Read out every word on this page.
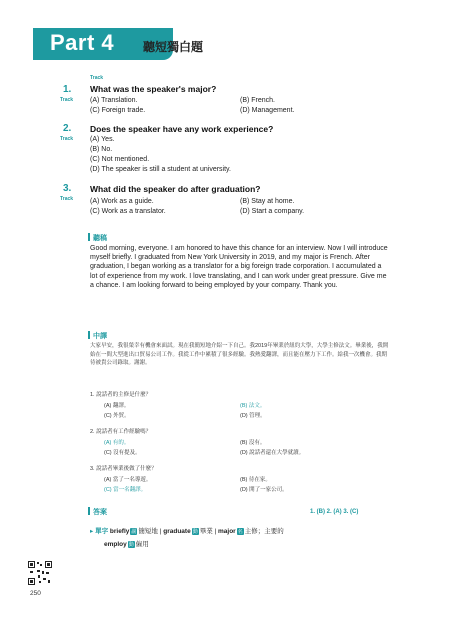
Part 4 聽短獨白題
Track
1.
Track
What was the speaker's major?
(A) Translation.	(B) French.
(C) Foreign trade.	(D) Management.
2.
Track
Does the speaker have any work experience?
(A) Yes.
(B) No.
(C) Not mentioned.
(D) The speaker is still a student at university.
3.
Track
What did the speaker do after graduation?
(A) Work as a guide.	(B) Stay at home.
(C) Work as a translator.	(D) Start a company.
聽稿
Good morning, everyone. I am honored to have this chance for an interview. Now I will introduce myself briefly. I graduated from New York University in 2019, and my major is French. After graduation, I began working as a translator for a big foreign trade corporation. I accumulated a lot of experience from my work. I love translating, and I can work under great pressure. Give me a chance. I am looking forward to being employed by your company. Thank you.
中譯
大家早安，我很榮幸有機會來面試。現在我簡短地介紹一下自己。我2019年畢業於紐約大學，大學主修法文。畢業後，我開始在一間大型進出口貿易公司工作。我從工作中累積了很多經驗。我熱愛翻譯，而且能在壓力下工作。給我一次機會。我期待被貴公司錄取。謝謝。
1. 說話者的主修是什麼？
(A) 翻譯。	(B) 法文。
(C) 外貿。	(D) 管理。
2. 說話者有工作經驗嗎？
(A) 有的。	(B) 沒有。
(C) 沒有提及。	(D) 說話者還在大學就讀。
3. 說話者畢業後做了什麼？
(A) 當了一名導遊。	(B) 待在家。
(C) 當一名翻譯。	(D) 開了一家公司。
答案	1. (B) 2. (A) 3. (C)
▸ 單字 briefly 副 簡短地 | graduate 動 畢業 | major 名 主修；主要的
employ 動 僱用
250
